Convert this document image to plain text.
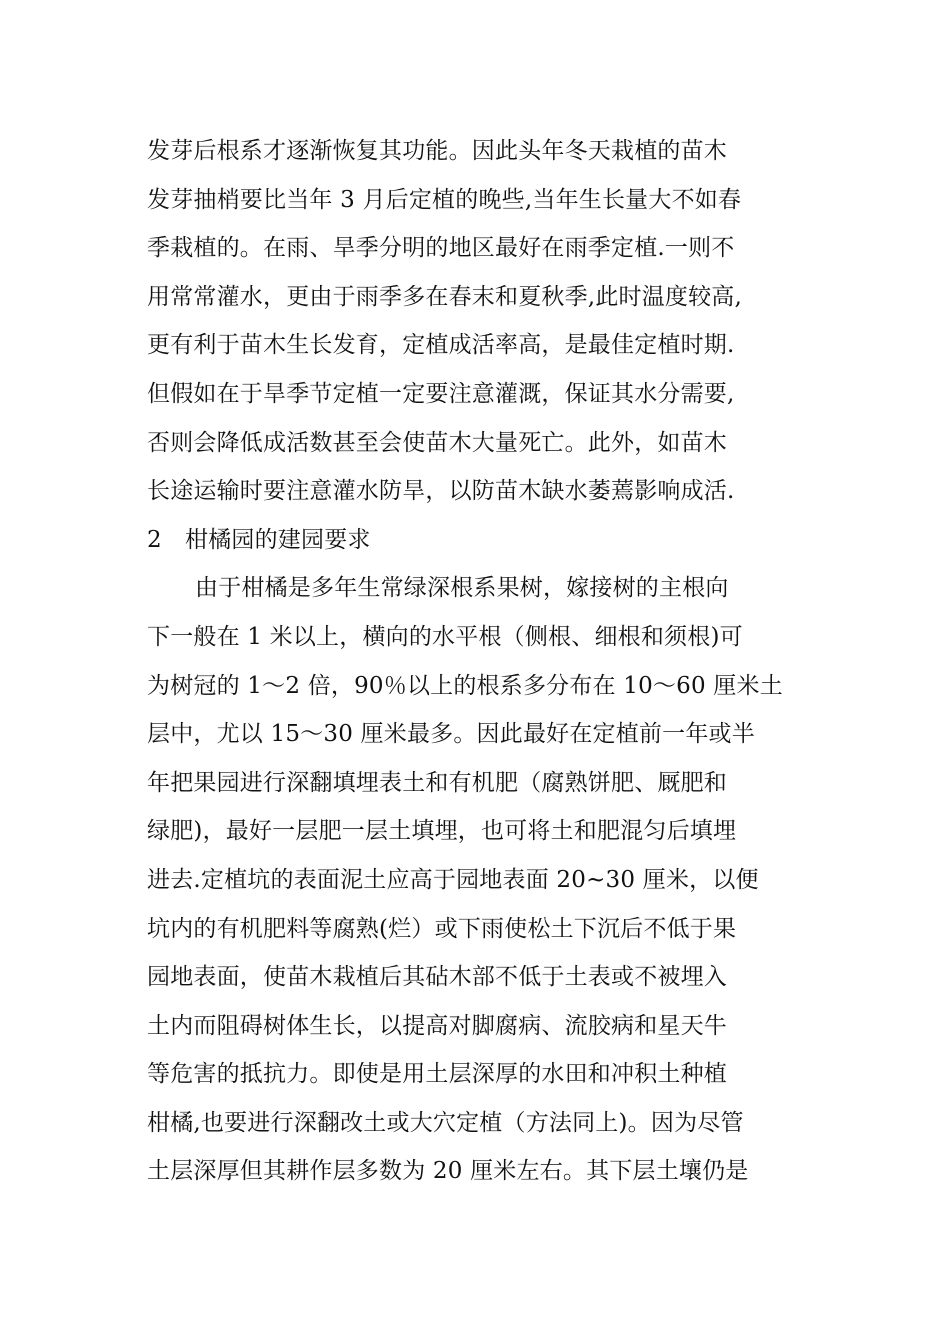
发芽后根系才逐渐恢复其功能。因此头年冬天栽植的苗木
发芽抽梢要比当年 3 月后定植的晚些,当年生长量大不如春
季栽植的。在雨、旱季分明的地区最好在雨季定植.一则不
用常常灌水，更由于雨季多在春末和夏秋季,此时温度较高,
更有利于苗木生长发育，定植成活率高，是最佳定植时期.
但假如在于旱季节定植一定要注意灌溉，保证其水分需要,
否则会降低成活数甚至会使苗木大量死亡。此外，如苗木
长途运输时要注意灌水防旱，以防苗木缺水萎蔫影响成活.
2 柑橘园的建园要求
由于柑橘是多年生常绿深根系果树，嫁接树的主根向
下一般在 1 米以上，横向的水平根（侧根、细根和须根)可
为树冠的 1～2 倍，90％以上的根系多分布在 10～60 厘米土
层中，尤以 15～30 厘米最多。因此最好在定植前一年或半
年把果园进行深翻填埋表土和有机肥（腐熟饼肥、厩肥和
绿肥)，最好一层肥一层土填埋，也可将土和肥混匀后填埋
进去.定植坑的表面泥土应高于园地表面 20~30 厘米，以便
坑内的有机肥料等腐熟(烂）或下雨使松土下沉后不低于果
园地表面，使苗木栽植后其砧木部不低于土表或不被埋入
土内而阻碍树体生长，以提高对脚腐病、流胶病和星天牛
等危害的抵抗力。即使是用土层深厚的水田和冲积土种植
柑橘,也要进行深翻改土或大穴定植（方法同上)。因为尽管
土层深厚但其耕作层多数为 20 厘米左右。其下层土壤仍是
